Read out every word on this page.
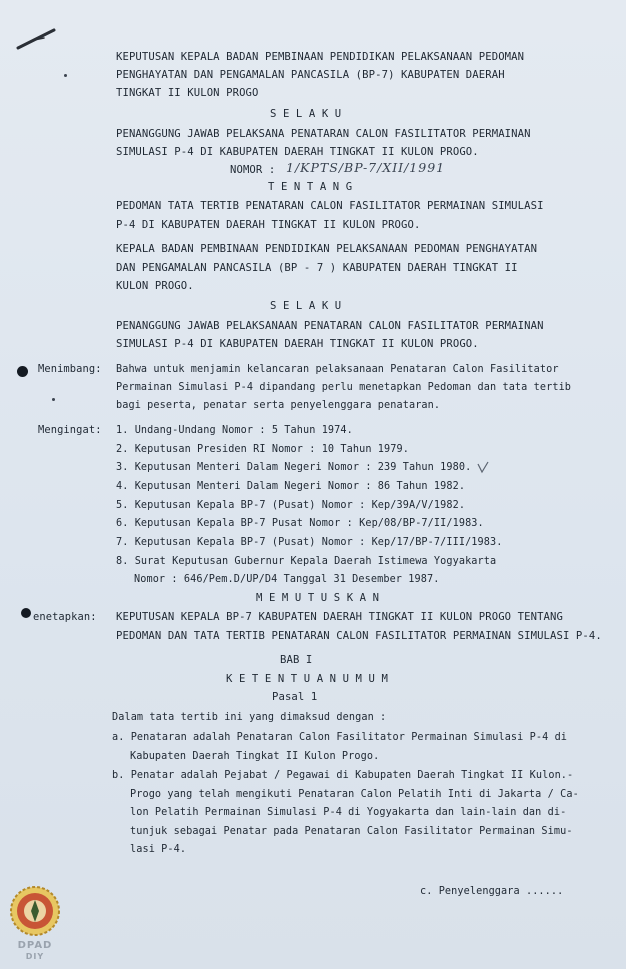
KEPUTUSAN KEPALA BADAN PEMBINAAN PENDIDIKAN PELAKSANAAN PEDOMAN
PENGHAYATAN DAN PENGAMALAN PANCASILA (BP-7) KABUPATEN DAERAH
TINGKAT II KULON PROGO
S E L A K U
PENANGGUNG JAWAB PELAKSANA PENATARAN CALON FASILITATOR PERMAINAN
SIMULASI P-4 DI KABUPATEN DAERAH TINGKAT II KULON PROGO.
NOMOR : 1/KPTS/BP-7/XII/1991
T E N T A N G
PEDOMAN TATA TERTIB PENATARAN CALON FASILITATOR PERMAINAN SIMULASI
P-4 DI KABUPATEN DAERAH TINGKAT II KULON PROGO.
KEPALA BADAN PEMBINAAN PENDIDIKAN PELAKSANAAN PEDOMAN PENGHAYATAN
DAN PENGAMALAN PANCASILA (BP - 7 ) KABUPATEN DAERAH TINGKAT II
KULON PROGO.
S E L A K U
PENANGGUNG JAWAB PELAKSANAAN PENATARAN CALON FASILITATOR PERMAINAN
SIMULASI P-4 DI KABUPATEN DAERAH TINGKAT II KULON PROGO.
Menimbang: Bahwa untuk menjamin kelancaran pelaksanaan Penataran Calon Fasilitator
Permainan Simulasi P-4 dipandang perlu menetapkan Pedoman dan tata tertib
bagi peserta, penatar serta penyelenggara penataran.
Mengingat: 1. Undang-Undang Nomor : 5 Tahun 1974.
2. Keputusan Presiden RI Nomor : 10 Tahun 1979.
3. Keputusan Menteri Dalam Negeri Nomor : 239 Tahun 1980.
4. Keputusan Menteri Dalam Negeri Nomor : 86 Tahun 1982.
5. Keputusan Kepala BP-7 (Pusat) Nomor : Kep/39A/V/1982.
6. Keputusan Kepala BP-7 Pusat Nomor : Kep/08/BP-7/II/1983.
7. Keputusan Kepala BP-7 (Pusat) Nomor : Kep/17/BP-7/III/1983.
8. Surat Keputusan Gubernur Kepala Daerah Istimewa Yogyakarta
Nomor : 646/Pem.D/UP/D4 Tanggal 31 Desember 1987.
M E M U T U S K A N
enetapkan: KEPUTUSAN KEPALA BP-7 KABUPATEN DAERAH TINGKAT II KULON PROGO TENTANG
PEDOMAN DAN TATA TERTIB PENATARAN CALON FASILITATOR PERMAINAN SIMULASI P-4.
BAB I
K E T E N T U A N U M U M
Pasal 1
Dalam tata tertib ini yang dimaksud dengan :
a. Penataran adalah Penataran Calon Fasilitator Permainan Simulasi P-4 di
Kabupaten Daerah Tingkat II Kulon Progo.
b. Penatar adalah Pejabat / Pegawai di Kabupaten Daerah Tingkat II Kulon.-
Progo yang telah mengikuti Penataran Calon Pelatih Inti di Jakarta / Ca-
lon Pelatih Permainan Simulasi P-4 di Yogyakarta dan lain-lain dan di-
tunjuk sebagai Penatar pada Penataran Calon Fasilitator Permainan Simu-
lasi P-4.
c. Penyelenggara ......
DPAD
DIY
